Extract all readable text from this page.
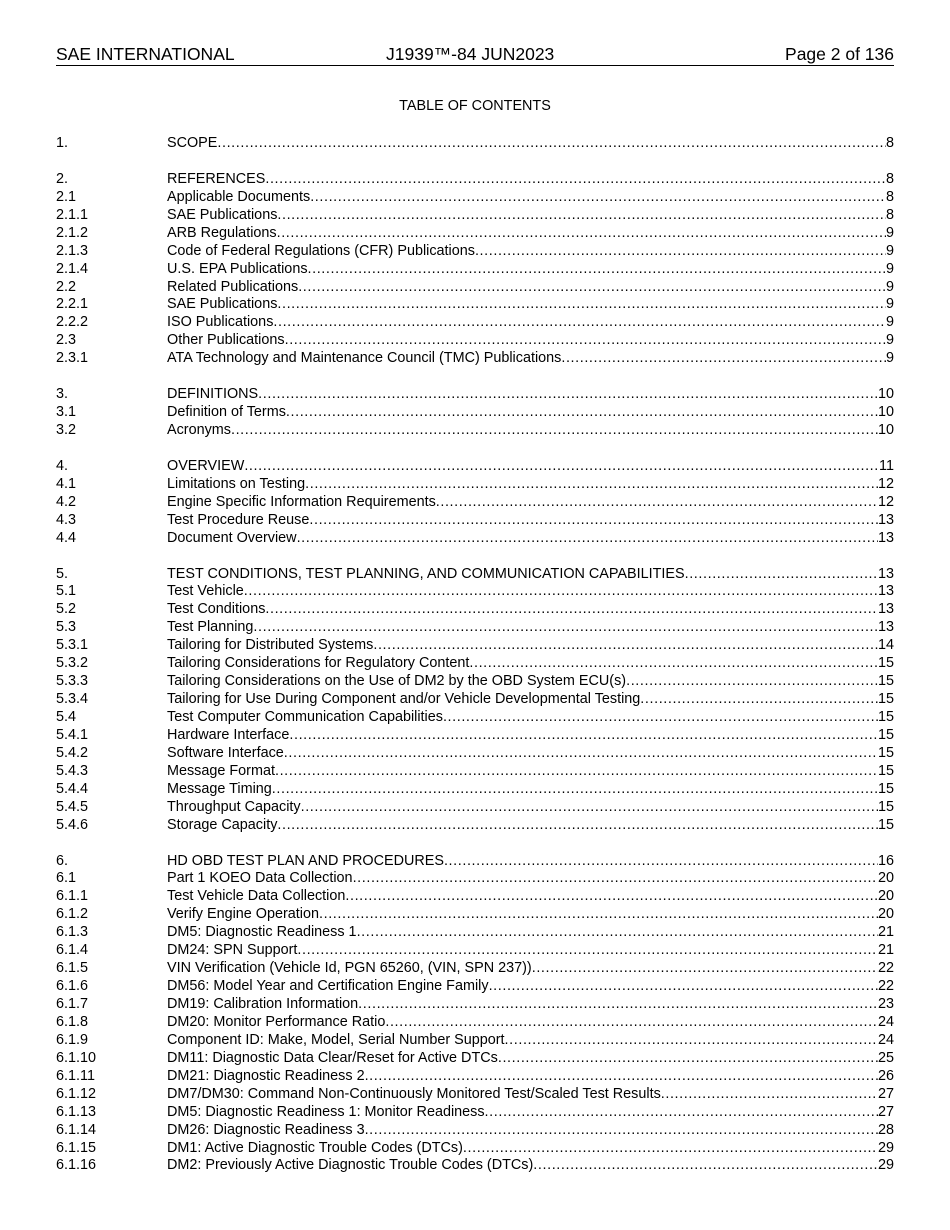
SAE INTERNATIONAL	J1939™-84 JUN2023	Page 2 of 136
TABLE OF CONTENTS
1.	SCOPE .....	8
2.	REFERENCES .....	8
2.1	Applicable Documents .....	8
2.1.1	SAE Publications .....	8
2.1.2	ARB Regulations .....	9
2.1.3	Code of Federal Regulations (CFR) Publications .....	9
2.1.4	U.S. EPA Publications .....	9
2.2	Related Publications .....	9
2.2.1	SAE Publications .....	9
2.2.2	ISO Publications .....	9
2.3	Other Publications .....	9
2.3.1	ATA Technology and Maintenance Council (TMC) Publications .....	9
3.	DEFINITIONS .....	10
3.1	Definition of Terms .....	10
3.2	Acronyms .....	10
4.	OVERVIEW .....	11
4.1	Limitations on Testing .....	12
4.2	Engine Specific Information Requirements .....	12
4.3	Test Procedure Reuse .....	13
4.4	Document Overview .....	13
5.	TEST CONDITIONS, TEST PLANNING, AND COMMUNICATION CAPABILITIES .....	13
5.1	Test Vehicle .....	13
5.2	Test Conditions .....	13
5.3	Test Planning .....	13
5.3.1	Tailoring for Distributed Systems .....	14
5.3.2	Tailoring Considerations for Regulatory Content .....	15
5.3.3	Tailoring Considerations on the Use of DM2 by the OBD System ECU(s) .....	15
5.3.4	Tailoring for Use During Component and/or Vehicle Developmental Testing .....	15
5.4	Test Computer Communication Capabilities .....	15
5.4.1	Hardware Interface .....	15
5.4.2	Software Interface .....	15
5.4.3	Message Format .....	15
5.4.4	Message Timing .....	15
5.4.5	Throughput Capacity .....	15
5.4.6	Storage Capacity .....	15
6.	HD OBD TEST PLAN AND PROCEDURES .....	16
6.1	Part 1 KOEO Data Collection .....	20
6.1.1	Test Vehicle Data Collection .....	20
6.1.2	Verify Engine Operation .....	20
6.1.3	DM5: Diagnostic Readiness 1 .....	21
6.1.4	DM24: SPN Support .....	21
6.1.5	VIN Verification (Vehicle Id, PGN 65260, (VIN, SPN 237)) .....	22
6.1.6	DM56: Model Year and Certification Engine Family .....	22
6.1.7	DM19: Calibration Information .....	23
6.1.8	DM20: Monitor Performance Ratio .....	24
6.1.9	Component ID: Make, Model, Serial Number Support .....	24
6.1.10	DM11: Diagnostic Data Clear/Reset for Active DTCs .....	25
6.1.11	DM21: Diagnostic Readiness 2 .....	26
6.1.12	DM7/DM30: Command Non-Continuously Monitored Test/Scaled Test Results .....	27
6.1.13	DM5: Diagnostic Readiness 1: Monitor Readiness .....	27
6.1.14	DM26: Diagnostic Readiness 3 .....	28
6.1.15	DM1: Active Diagnostic Trouble Codes (DTCs) .....	29
6.1.16	DM2: Previously Active Diagnostic Trouble Codes (DTCs) .....	29
